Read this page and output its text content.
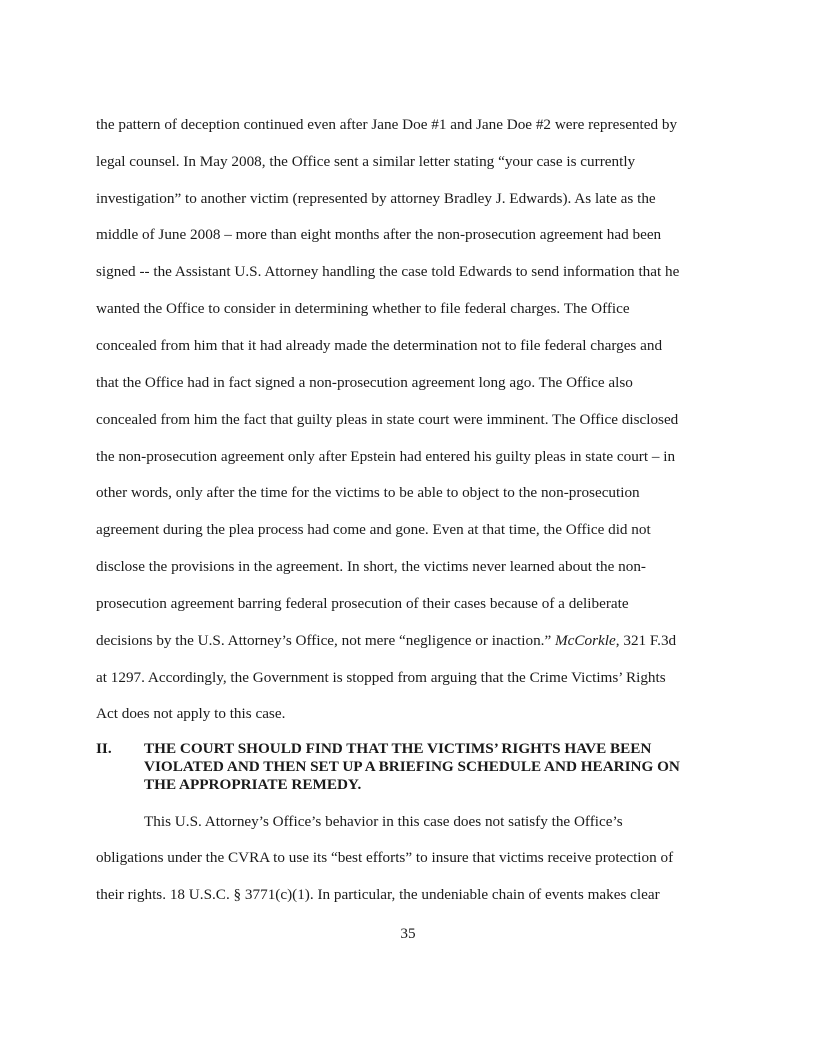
the pattern of deception continued even after Jane Doe #1 and Jane Doe #2 were represented by
legal counsel. In May 2008, the Office sent a similar letter stating “your case is currently
investigation” to another victim (represented by attorney Bradley J. Edwards). As late as the
middle of June 2008 – more than eight months after the non-prosecution agreement had been
signed -- the Assistant U.S. Attorney handling the case told Edwards to send information that he
wanted the Office to consider in determining whether to file federal charges. The Office
concealed from him that it had already made the determination not to file federal charges and
that the Office had in fact signed a non-prosecution agreement long ago. The Office also
concealed from him the fact that guilty pleas in state court were imminent. The Office disclosed
the non-prosecution agreement only after Epstein had entered his guilty pleas in state court – in
other words, only after the time for the victims to be able to object to the non-prosecution
agreement during the plea process had come and gone. Even at that time, the Office did not
disclose the provisions in the agreement. In short, the victims never learned about the non-
prosecution agreement barring federal prosecution of their cases because of a deliberate
decisions by the U.S. Attorney’s Office, not mere “negligence or inaction.” McCorkle, 321 F.3d
at 1297. Accordingly, the Government is stopped from arguing that the Crime Victims’ Rights
Act does not apply to this case.
II. THE COURT SHOULD FIND THAT THE VICTIMS’ RIGHTS HAVE BEEN
VIOLATED AND THEN SET UP A BRIEFING SCHEDULE AND HEARING ON
THE APPROPRIATE REMEDY.
This U.S. Attorney’s Office’s behavior in this case does not satisfy the Office’s
obligations under the CVRA to use its “best efforts” to insure that victims receive protection of
their rights. 18 U.S.C. § 3771(c)(1). In particular, the undeniable chain of events makes clear
35
